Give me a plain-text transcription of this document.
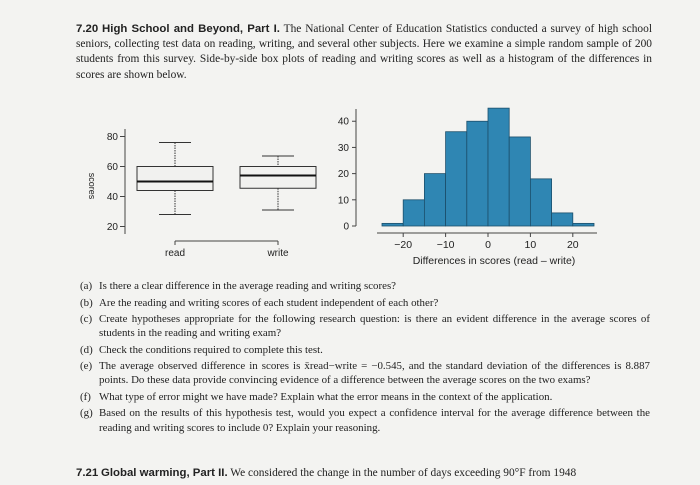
7.20 High School and Beyond, Part I. The National Center of Education Statistics conducted a survey of high school seniors, collecting test data on reading, writing, and several other subjects. Here we examine a simple random sample of 200 students from this survey. Side-by-side box plots of reading and writing scores as well as a histogram of the differences in scores are shown below.
scores
20
40
60
80
read	write
0
10
20
30
40
−20 −10	0	10	20
Differences in scores (read – write)
(a) Is there a clear difference in the average reading and writing scores?
(b) Are the reading and writing scores of each student independent of each other?
(c) Create hypotheses appropriate for the following research question: is there an evident difference in the average scores of students in the reading and writing exam?
(d) Check the conditions required to complete this test.
(e) The average observed difference in scores is x̄read−write = −0.545, and the standard deviation of the differences is 8.887 points. Do these data provide convincing evidence of a difference between the average scores on the two exams?
(f) What type of error might we have made? Explain what the error means in the context of the application.
(g) Based on the results of this hypothesis test, would you expect a confidence interval for the average difference between the reading and writing scores to include 0? Explain your reasoning.
7.21 Global warming, Part II. We considered the change in the number of days exceeding 90°F from 1948
